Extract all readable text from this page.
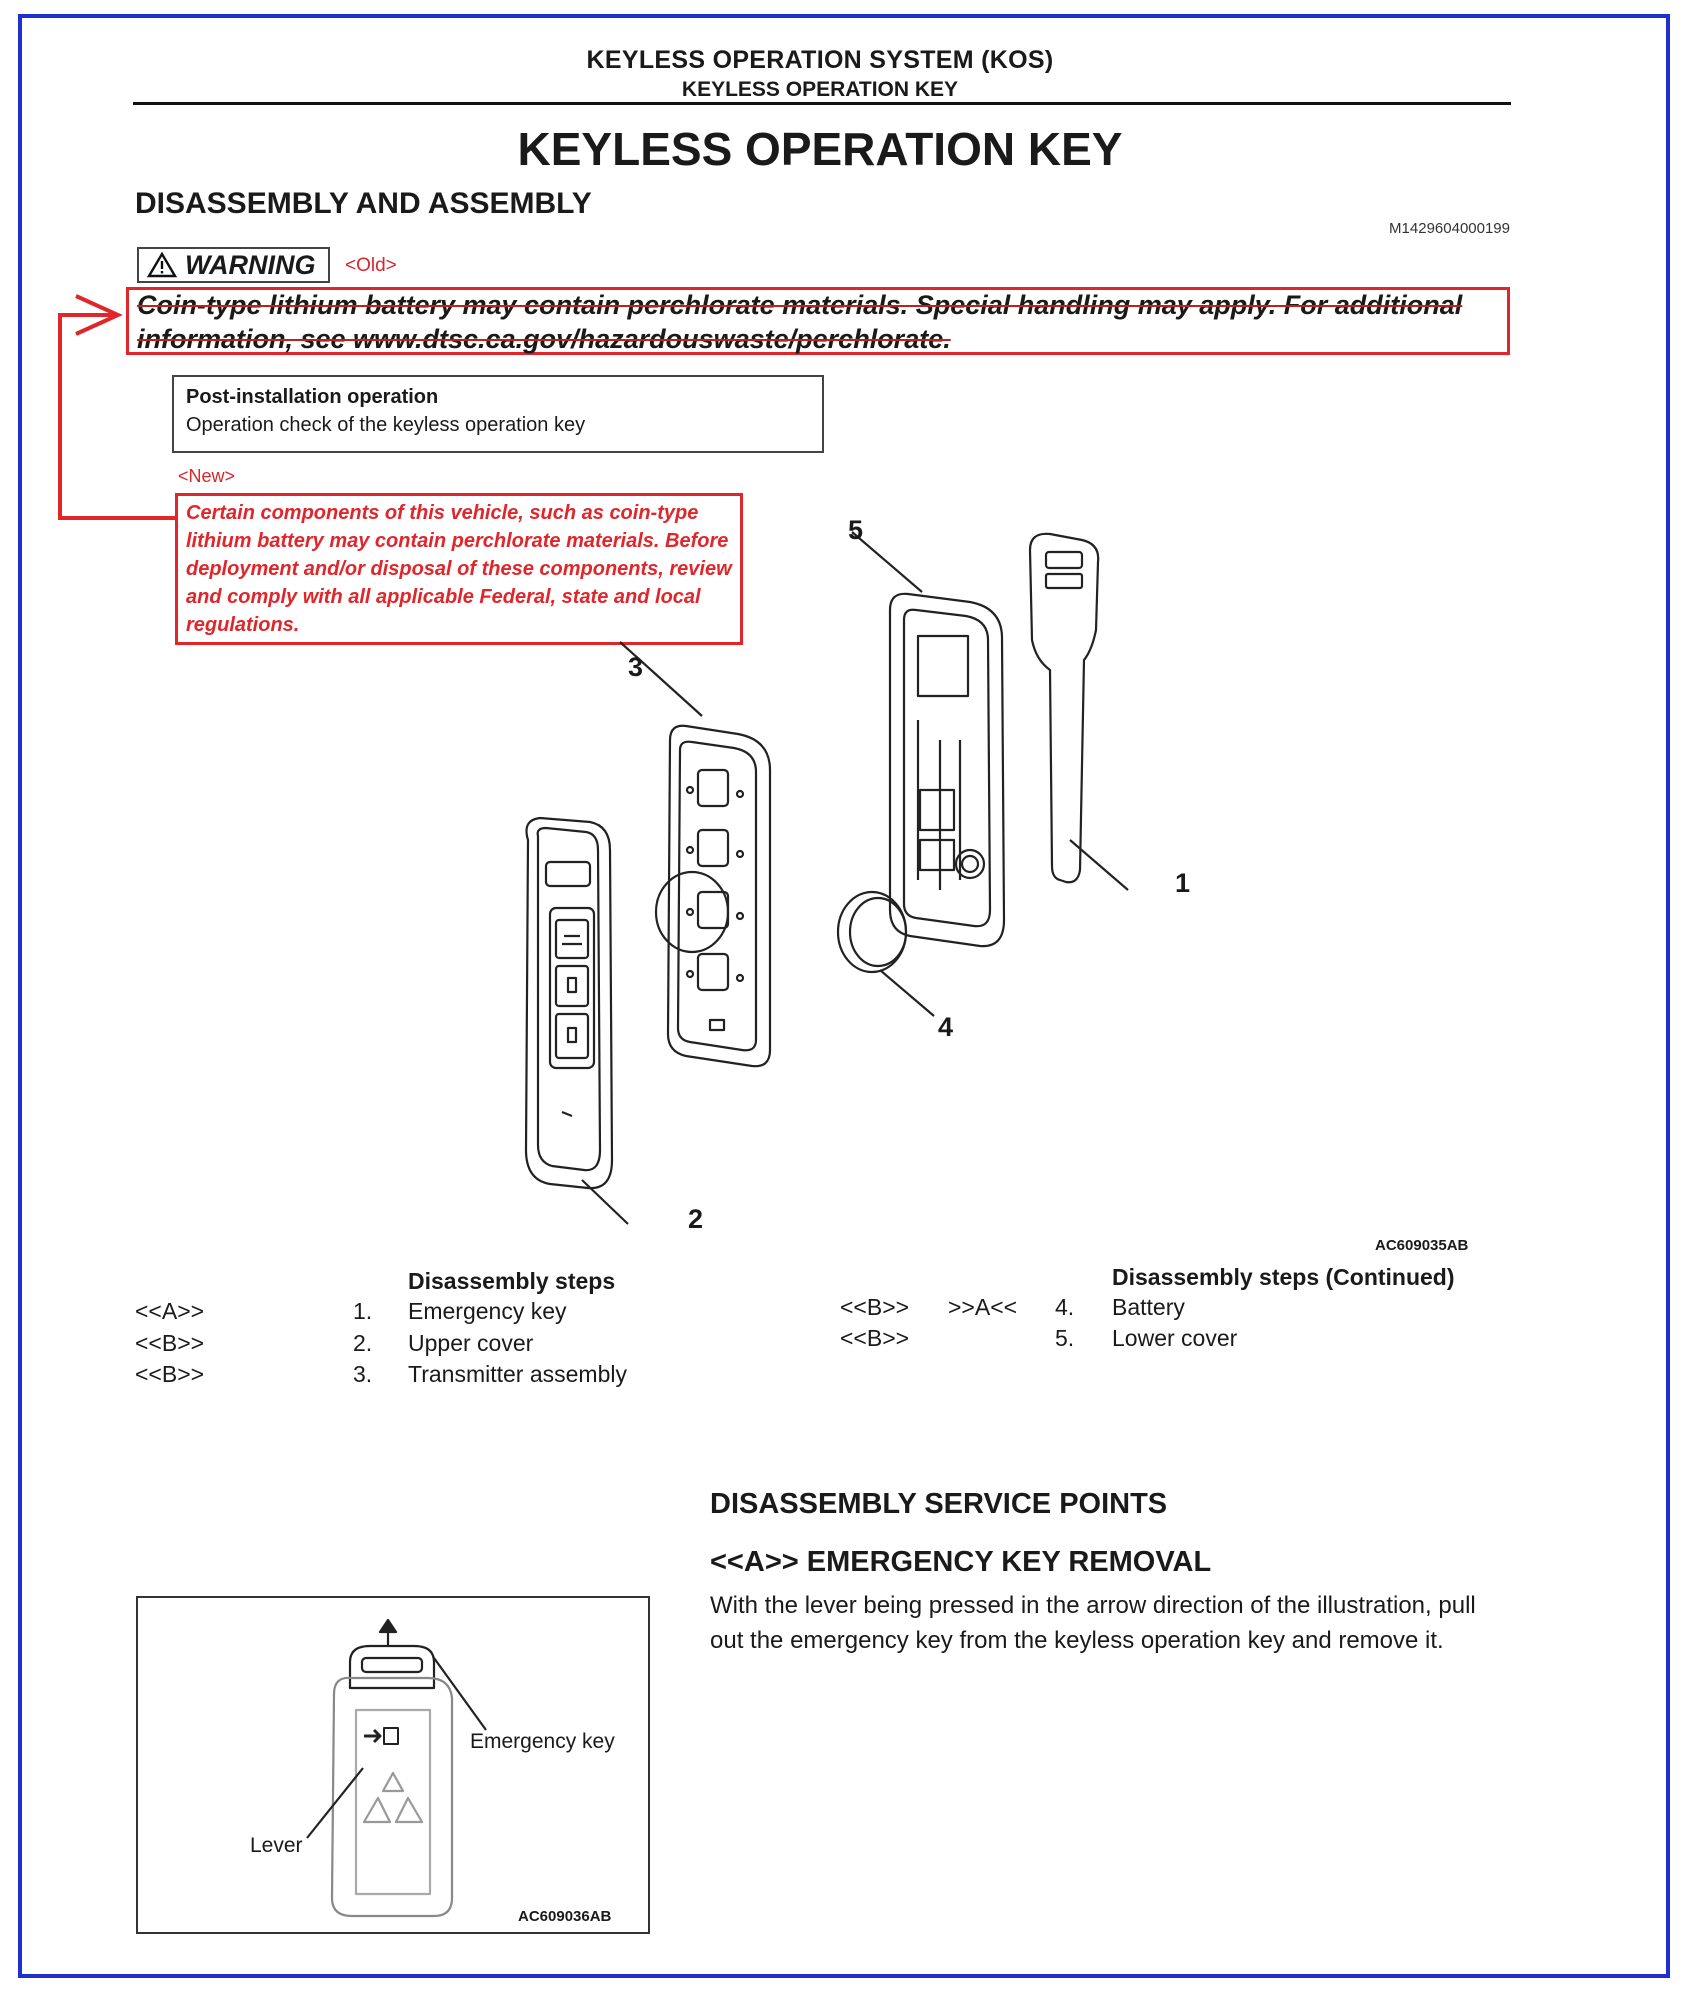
KEYLESS OPERATION SYSTEM (KOS)
KEYLESS OPERATION KEY
KEYLESS OPERATION KEY
DISASSEMBLY AND ASSEMBLY
M1429604000199
WARNING <Old>
Coin-type lithium battery may contain perchlorate materials. Special handling may apply. For additional information, see www.dtsc.ca.gov/hazardouswaste/perchlorate.
Post-installation operation
Operation check of the keyless operation key
<New>
Certain components of this vehicle, such as coin-type lithium battery may contain perchlorate materials. Before deployment and/or disposal of these components, review and comply with all applicable Federal, state and local regulations.
1
2
3
4
5
AC609035AB
Disassembly steps
<<A>>	1. Emergency key
<<B>>	2. Upper cover
<<B>>	3. Transmitter assembly
Disassembly steps (Continued)
<<B>> >>A<< 4. Battery
<<B>>	5. Lower cover
DISASSEMBLY SERVICE POINTS
<<A>> EMERGENCY KEY REMOVAL
With the lever being pressed in the arrow direction of the illustration, pull out the emergency key from the keyless operation key and remove it.
Emergency key
Lever
AC609036AB
